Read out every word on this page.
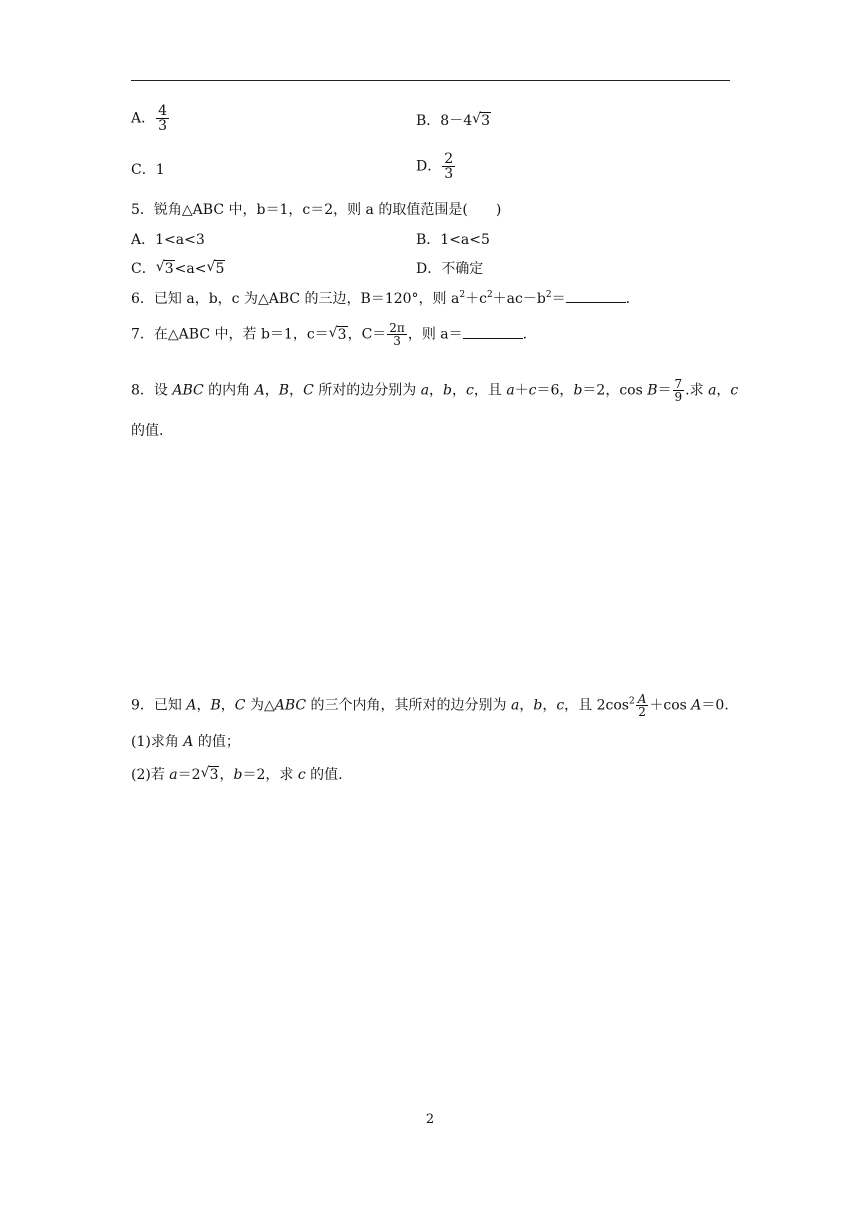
A． $\frac{4}{3}$	B．8－4 √ 3
C．1	D． $\frac{2}{3}$
5．锐角△ABC 中，b＝1，c＝2，则 a 的取值范围是(　　)
A．1<a<3	B．1<a<5
C． √ 3<a< √ 5	D．不确定
6．已知 a，b，c 为△ABC 的三边，B＝120°，则 $a^2+c^2+ac-b^2=$	.
7．在△ABC 中，若 b＝1，c＝ √ 3，$C= \frac{2\pi}{3}$ ，则 a＝	.
8．设 ABC 的内角 A，B，C 所对的边分别为 a，b，c，且 a＋c＝6，b＝2，$\cos B= \frac{7}{9}$ .求 a，c
的值.
9．已知 A，B，C 为△ABC 的三个内角，其所对的边分别为 a，b，c，且 $2\cos^2 \frac{A}{2} +\cos$ A＝0.
(1)求角 A 的值；
(2)若 a＝2 √ 3，b＝2，求 c 的值.
2
